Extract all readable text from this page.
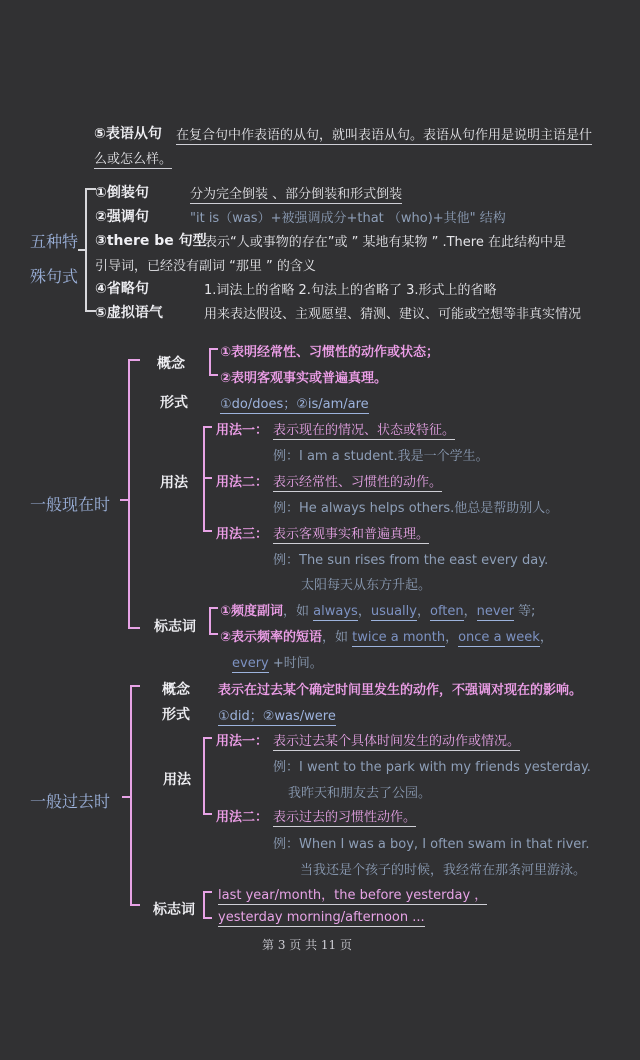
⑤表语从句 在复合句中作表语的从句，就叫表语从句。表语从句作用是说明主语是什
么或怎么样。
五种特
殊句式
①倒装句	分为完全倒装 、部分倒装和形式倒装
②强调句	"it is（was）+被强调成分+that （who)+其他" 结构
③there be 句型
表示“人或事物的存在”或 ” 某地有某物 ” .There 在此结构中是
引导词，已经没有副词 “那里 ” 的含义
④省略句	1.词法上的省略 2.句法上的省略了 3.形式上的省略
⑤虚拟语气	用来表达假设、主观愿望、猜测、建议、可能或空想等非真实情况
一般现在时
概念
①表明经常性、习惯性的动作或状态；
②表明客观事实或普遍真理。
形式 ①do/does；②is/am/are
用法
用法一： 表示现在的情况、状态或特征。
例：I am a student.我是一个学生。
用法二： 表示经常性、习惯性的动作。
例：He always helps others.他总是帮助别人。
用法三： 表示客观事实和普遍真理。
例：The sun rises from the east every day.
太阳每天从东方升起。
标志词
①频度副词，如 always，usually，often，never 等;
②表示频率的短语，如 twice a month，once a week，
every +时间。
一般过去时
概念 表示在过去某个确定时间里发生的动作，不强调对现在的影响。
形式 ①did；②was/were
用法
用法一： 表示过去某个具体时间发生的动作或情况。
例：I went to the park with my friends yesterday.
我昨天和朋友去了公园。
用法二： 表示过去的习惯性动作。
例：When I was a boy, I often swam in that river.
当我还是个孩子的时候，我经常在那条河里游泳。
标志词
last year/month，the before yesterday ，
yesterday morning/afternoon ...
第 3 页 共 11 页
